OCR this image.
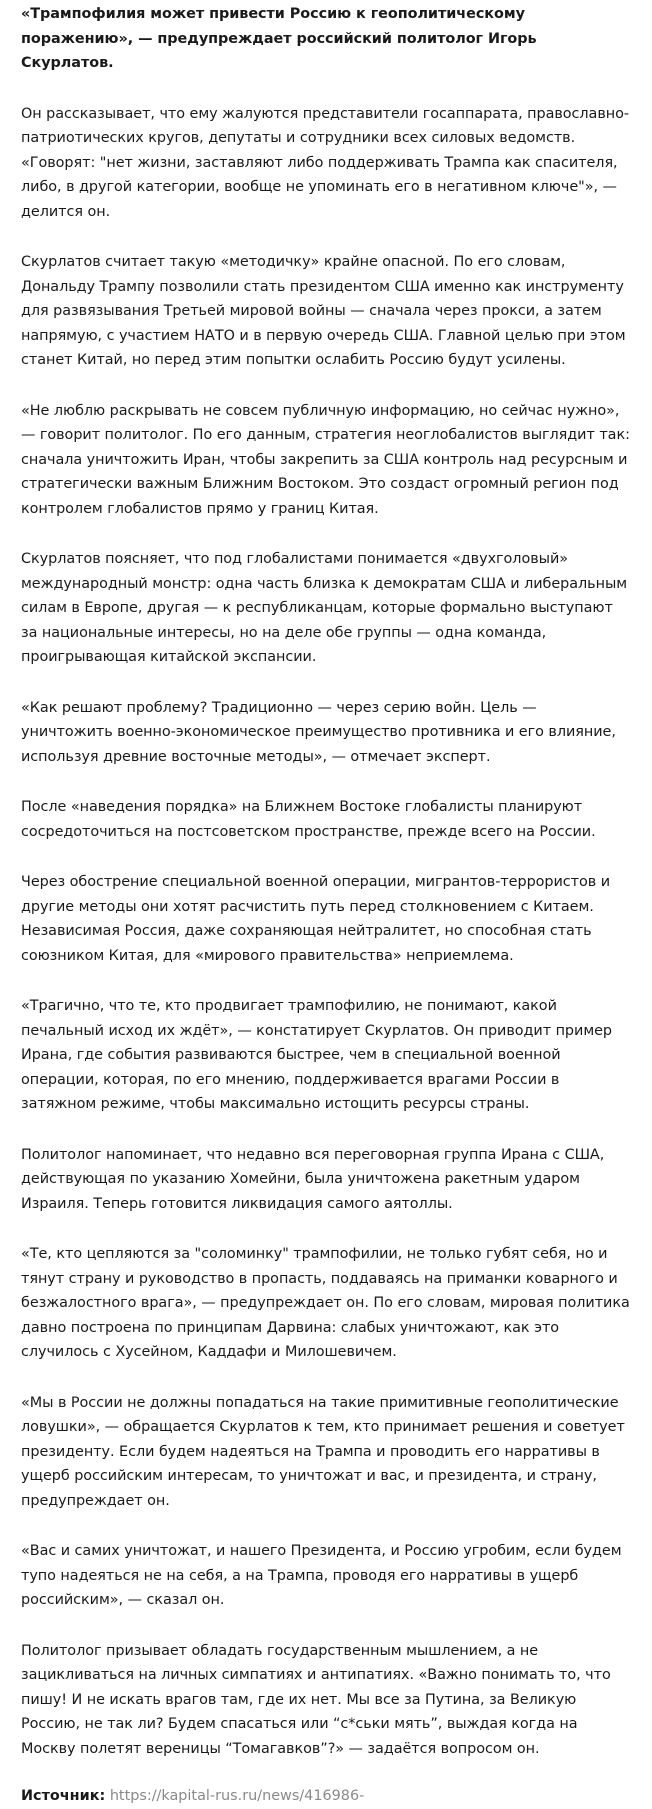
«Трампофилия может привести Россию к геополитическому поражению», — предупреждает российский политолог Игорь Скурлатов.

Он рассказывает, что ему жалуются представители госаппарата, православно-патриотических кругов, депутаты и сотрудники всех силовых ведомств. «Говорят: "нет жизни, заставляют либо поддерживать Трампа как спасителя, либо, в другой категории, вообще не упоминать его в негативном ключе"», — делится он.

Скурлатов считает такую «методичку» крайне опасной. По его словам, Дональду Трампу позволили стать президентом США именно как инструменту для развязывания Третьей мировой войны — сначала через прокси, а затем напрямую, с участием НАТО и в первую очередь США. Главной целью при этом станет Китай, но перед этим попытки ослабить Россию будут усилены.

«Не люблю раскрывать не совсем публичную информацию, но сейчас нужно», — говорит политолог. По его данным, стратегия неоглобалистов выглядит так: сначала уничтожить Иран, чтобы закрепить за США контроль над ресурсным и стратегически важным Ближним Востоком. Это создаст огромный регион под контролем глобалистов прямо у границ Китая.

Скурлатов поясняет, что под глобалистами понимается «двухголовый» международный монстр: одна часть близка к демократам США и либеральным силам в Европе, другая — к республиканцам, которые формально выступают за национальные интересы, но на деле обе группы — одна команда, проигрывающая китайской экспансии.

«Как решают проблему? Традиционно — через серию войн. Цель — уничтожить военно-экономическое преимущество противника и его влияние, используя древние восточные методы», — отмечает эксперт.

После «наведения порядка» на Ближнем Востоке глобалисты планируют сосредоточиться на постсоветском пространстве, прежде всего на России.

Через обострение специальной военной операции, мигрантов-террористов и другие методы они хотят расчистить путь перед столкновением с Китаем. Независимая Россия, даже сохраняющая нейтралитет, но способная стать союзником Китая, для «мирового правительства» неприемлема.

«Трагично, что те, кто продвигает трампофилию, не понимают, какой печальный исход их ждёт», — констатирует Скурлатов. Он приводит пример Ирана, где события развиваются быстрее, чем в специальной военной операции, которая, по его мнению, поддерживается врагами России в затяжном режиме, чтобы максимально истощить ресурсы страны.

Политолог напоминает, что недавно вся переговорная группа Ирана с США, действующая по указанию Хомейни, была уничтожена ракетным ударом Израиля. Теперь готовится ликвидация самого аятоллы.

«Те, кто цепляются за "соломинку" трампофилии, не только губят себя, но и тянут страну и руководство в пропасть, поддаваясь на приманки коварного и безжалостного врага», — предупреждает он. По его словам, мировая политика давно построена по принципам Дарвина: слабых уничтожают, как это случилось с Хусейном, Каддафи и Милошевичем.

«Мы в России не должны попадаться на такие примитивные геополитические ловушки», — обращается Скурлатов к тем, кто принимает решения и советует президенту. Если будем надеяться на Трампа и проводить его нарративы в ущерб российским интересам, то уничтожат и вас, и президента, и страну, предупреждает он.

«Вас и самих уничтожат, и нашего Президента, и Россию угробим, если будем тупо надеяться не на себя, а на Трампа, проводя его нарративы в ущерб российским», — сказал он.

Политолог призывает обладать государственным мышлением, а не зацикливаться на личных симпатиях и антипатиях. «Важно понимать то, что пишу! И не искать врагов там, где их нет. Мы все за Путина, за Великую Россию, не так ли? Будем спасаться или “с*ськи мять”, выждая когда на Москву полетят вереницы “Томагавков”?» — задаётся вопросом он.

Источник: https://kapital-rus.ru/news/416986-
